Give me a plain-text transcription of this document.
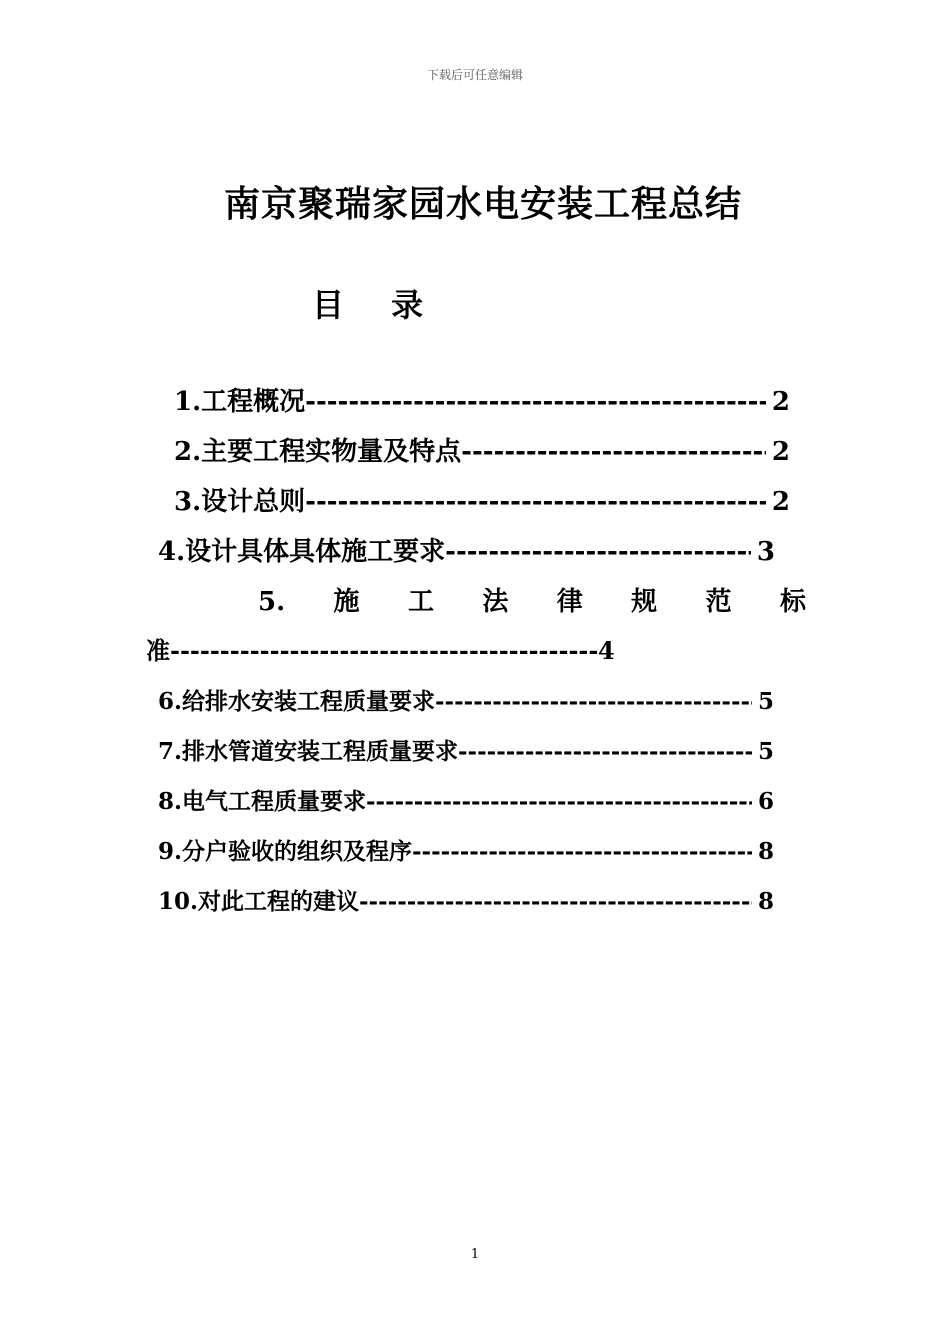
下载后可任意编辑
南京聚瑞家园水电安装工程总结
目 录
1.工程概况 -----	2
2.主要工程实物量及特点 -----	2
3.设计总则 -----	2
4.设计具体具体施工要求 -----	3
5. 施 工 法 律 规 范 标
准 -----	4
6.给排水安装工程质量要求 -----	5
7.排水管道安装工程质量要求 -----	5
8.电气工程质量要求 -----	6
9.分户验收的组织及程序 -----	8
10.对此工程的建议 -----	8
1
